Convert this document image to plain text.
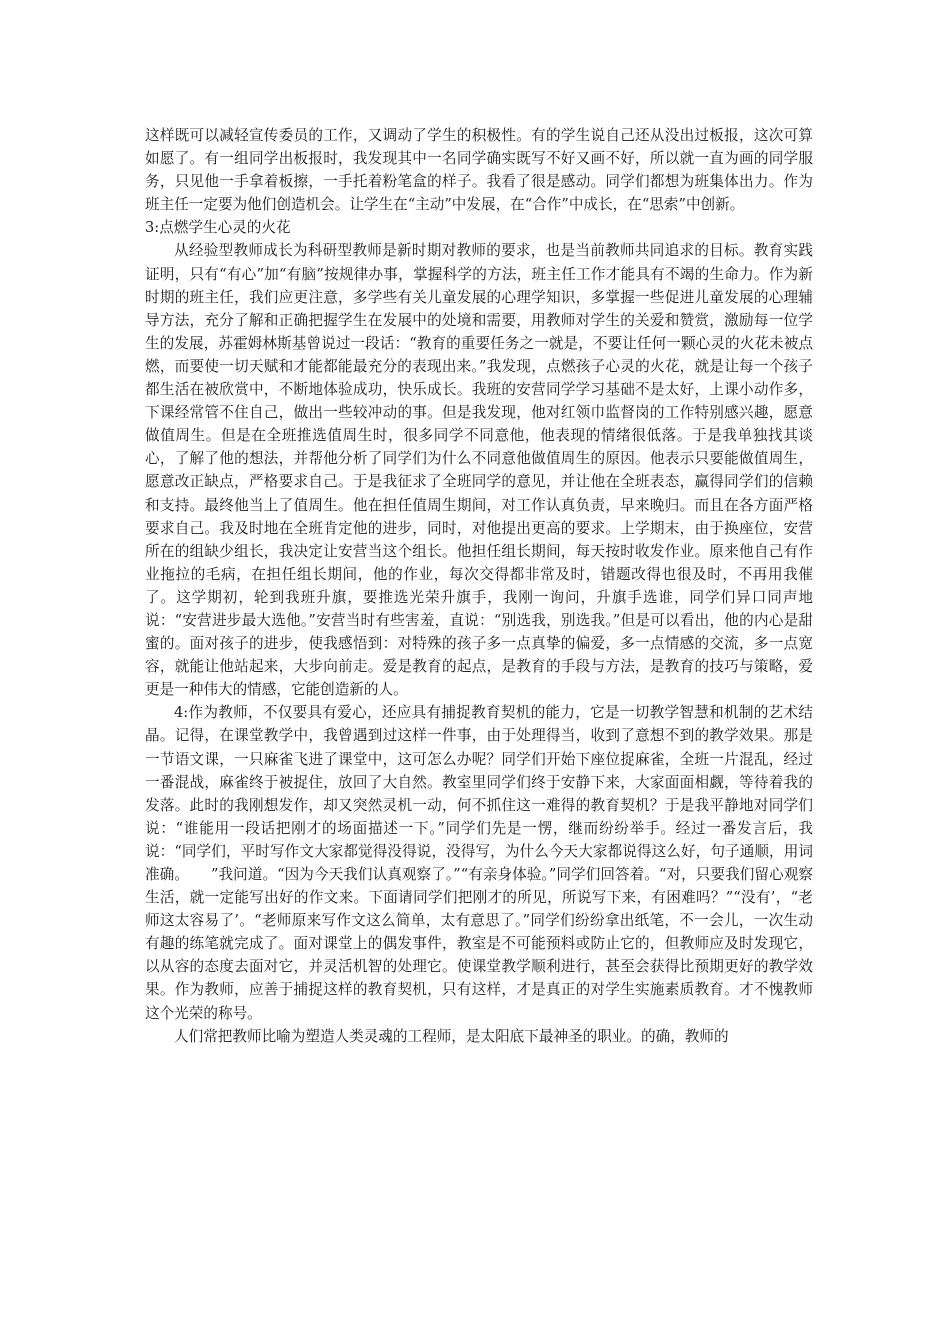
这样既可以减轻宣传委员的工作，又调动了学生的积极性。有的学生说自己还从没出过板报，这次可算如愿了。有一组同学出板报时，我发现其中一名同学确实既写不好又画不好，所以就一直为画的同学服务，只见他一手拿着板擦，一手托着粉笔盒的样子。我看了很是感动。同学们都想为班集体出力。作为班主任一定要为他们创造机会。让学生在“主动”中发展，在“合作”中成长，在“思索”中创新。

3:点燃学生心灵的火花

从经验型教师成长为科研型教师是新时期对教师的要求，也是当前教师共同追求的目标。教育实践证明，只有“有心”加“有脑”按规律办事，掌握科学的方法，班主任工作才能具有不竭的生命力。作为新时期的班主任，我们应更注意，多学些有关儿童发展的心理学知识，多掌握一些促进儿童发展的心理辅导方法，充分了解和正确把握学生在发展中的处境和需要，用教师对学生的关爱和赞赏，激励每一位学生的发展，苏霍姆林斯基曾说过一段话：“教育的重要任务之一就是，不要让任何一颗心灵的火花未被点燃，而要使一切天赋和才能都能最充分的表现出来。”我发现，点燃孩子心灵的火花，就是让每一个孩子都生活在被欣赏中，不断地体验成功，快乐成长。我班的安营同学学习基础不是太好，上课小动作多，下课经常管不住自己，做出一些较冲动的事。但是我发现，他对红领巾监督岗的工作特别感兴趣，愿意做值周生。但是在全班推选值周生时，很多同学不同意他，他表现的情绪很低落。于是我单独找其谈心，了解了他的想法，并帮他分析了同学们为什么不同意他做值周生的原因。他表示只要能做值周生，愿意改正缺点，严格要求自己。于是我征求了全班同学的意见，并让他在全班表态，赢得同学们的信赖和支持。最终他当上了值周生。他在担任值周生期间，对工作认真负责，早来晚归。而且在各方面严格要求自己。我及时地在全班肯定他的进步，同时，对他提出更高的要求。上学期末，由于换座位，安营所在的组缺少组长，我决定让安营当这个组长。他担任组长期间，每天按时收发作业。原来他自己有作业拖拉的毛病，在担任组长期间，他的作业，每次交得都非常及时，错题改得也很及时，不再用我催了。这学期初，轮到我班升旗，要推选光荣升旗手，我刚一询问，升旗手选谁，同学们异口同声地说：“安营进步最大选他。”安营当时有些害羞，直说：“别选我，别选我。”但是可以看出，他的内心是甜蜜的。面对孩子的进步，使我感悟到：对特殊的孩子多一点真挚的偏爱，多一点情感的交流，多一点宽容，就能让他站起来，大步向前走。爱是教育的起点，是教育的手段与方法，是教育的技巧与策略，爱更是一种伟大的情感，它能创造新的人。

4:作为教师，不仅要具有爱心，还应具有捕捉教育契机的能力，它是一切教学智慧和机制的艺术结晶。记得，在课堂教学中，我曾遇到过这样一件事，由于处理得当，收到了意想不到的教学效果。那是一节语文课，一只麻雀飞进了课堂中，这可怎么办呢？同学们开始下座位捉麻雀，全班一片混乱，经过一番混战，麻雀终于被捉住，放回了大自然。教室里同学们终于安静下来，大家面面相觑，等待着我的发落。此时的我刚想发作，却又突然灵机一动，何不抓住这一难得的教育契机？于是我平静地对同学们说：“谁能用一段话把刚才的场面描述一下。”同学们先是一愣，继而纷纷举手。经过一番发言后，我说：“同学们，平时写作文大家都觉得没得说，没得写，为什么今天大家都说得这么好，句子通顺，用词准确。　　”我问道。“因为今天我们认真观察了。”“有亲身体验。”同学们回答着。“对，只要我们留心观察生活，就一定能写出好的作文来。下面请同学们把刚才的所见，所说写下来，有困难吗？”“没有’，“老师这太容易了’。“老师原来写作文这么简单，太有意思了。”同学们纷纷拿出纸笔，不一会儿，一次生动有趣的练笔就完成了。面对课堂上的偶发事件，教室是不可能预料或防止它的，但教师应及时发现它，以从容的态度去面对它，并灵活机智的处理它。使课堂教学顺利进行，甚至会获得比预期更好的教学效果。作为教师，应善于捕捉这样的教育契机，只有这样，才是真正的对学生实施素质教育。才不愧教师这个光荣的称号。

人们常把教师比喻为塑造人类灵魂的工程师，是太阳底下最神圣的职业。的确，教师的
